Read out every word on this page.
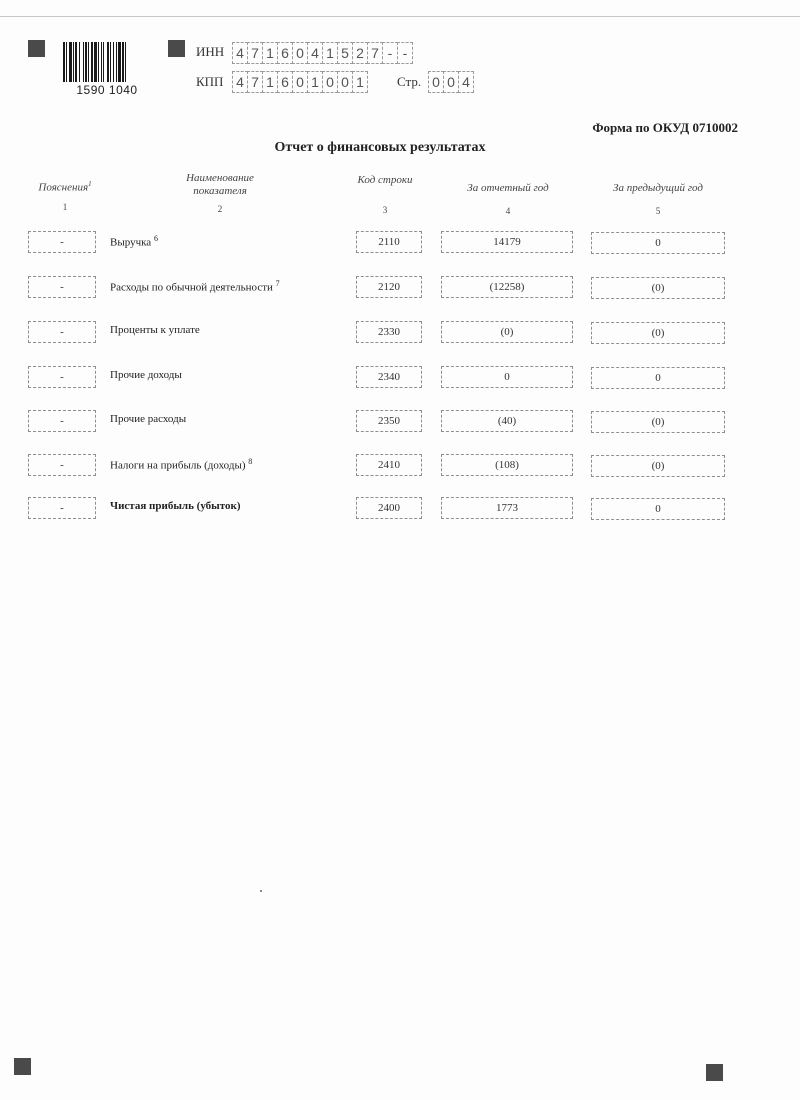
1590 1040
ИНН 4 7 1 6 0 4 1 5 2 7 - -
КПП 4 7 1 6 0 1 0 0 1	Стр. 0 0 4
Форма по ОКУД 0710002
Отчет о финансовых результатах
Пояснения$^1$	Наименование показателя
Код строки
За отчетный год	За предыдущий год
1	2	3	4	5
-	Выручка $^6$	2110	14179	0
-	Расходы по обычной деятельности $^7$	2120	(12258)	(0)
-	Проценты к уплате	2330	(0)	(0)
-	Прочие доходы	2340	0	0
-	Прочие расходы	2350	(40)	(0)
-	Налоги на прибыль (доходы) $^8$	2410	(108)	(0)
-	Чистая прибыль (убыток)	2400	1773	0
